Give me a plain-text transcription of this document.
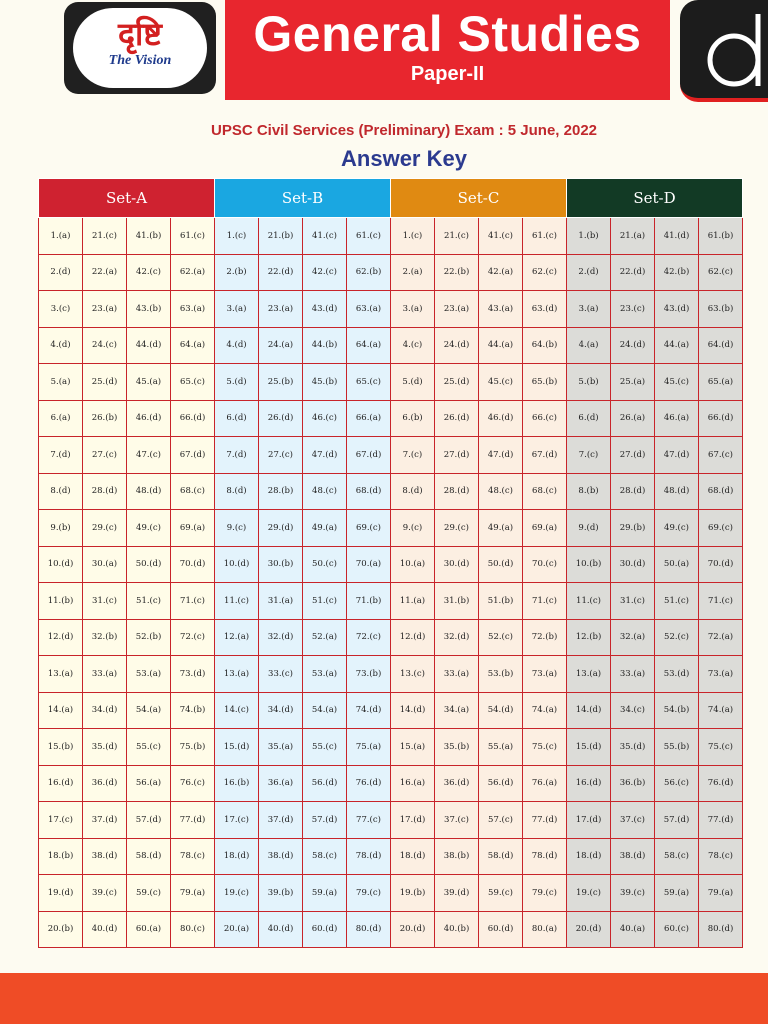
दृष्टि
The Vision	General Studies
Paper-II
UPSC Civil Services (Preliminary) Exam : 5 June, 2022
Answer Key
Set-A				Set-B				Set-C				Set-D			
1.(a)	21.(c)	41.(b)	61.(c)	1.(c)	21.(b)	41.(c)	61.(c)	1.(c)	21.(c)	41.(c)	61.(c)	1.(b)	21.(a)	41.(d)	61.(b)
2.(d)	22.(a)	42.(c)	62.(a)	2.(b)	22.(d)	42.(c)	62.(b)	2.(a)	22.(b)	42.(a)	62.(c)	2.(d)	22.(d)	42.(b)	62.(c)
3.(c)	23.(a)	43.(b)	63.(a)	3.(a)	23.(a)	43.(d)	63.(a)	3.(a)	23.(a)	43.(a)	63.(d)	3.(a)	23.(c)	43.(d)	63.(b)
4.(d)	24.(c)	44.(d)	64.(a)	4.(d)	24.(a)	44.(b)	64.(a)	4.(c)	24.(d)	44.(a)	64.(b)	4.(a)	24.(d)	44.(a)	64.(d)
5.(a)	25.(d)	45.(a)	65.(c)	5.(d)	25.(b)	45.(b)	65.(c)	5.(d)	25.(d)	45.(c)	65.(b)	5.(b)	25.(a)	45.(c)	65.(a)
6.(a)	26.(b)	46.(d)	66.(d)	6.(d)	26.(d)	46.(c)	66.(a)	6.(b)	26.(d)	46.(d)	66.(c)	6.(d)	26.(a)	46.(a)	66.(d)
7.(d)	27.(c)	47.(c)	67.(d)	7.(d)	27.(c)	47.(d)	67.(d)	7.(c)	27.(d)	47.(d)	67.(d)	7.(c)	27.(d)	47.(d)	67.(c)
8.(d)	28.(d)	48.(d)	68.(c)	8.(d)	28.(b)	48.(c)	68.(d)	8.(d)	28.(d)	48.(c)	68.(c)	8.(b)	28.(d)	48.(d)	68.(d)
9.(b)	29.(c)	49.(c)	69.(a)	9.(c)	29.(d)	49.(a)	69.(c)	9.(c)	29.(c)	49.(a)	69.(a)	9.(d)	29.(b)	49.(c)	69.(c)
10.(d)	30.(a)	50.(d)	70.(d)	10.(d)	30.(b)	50.(c)	70.(a)	10.(a)	30.(d)	50.(d)	70.(c)	10.(b)	30.(d)	50.(a)	70.(d)
11.(b)	31.(c)	51.(c)	71.(c)	11.(c)	31.(a)	51.(c)	71.(b)	11.(a)	31.(b)	51.(b)	71.(c)	11.(c)	31.(c)	51.(c)	71.(c)
12.(d)	32.(b)	52.(b)	72.(c)	12.(a)	32.(d)	52.(a)	72.(c)	12.(d)	32.(d)	52.(c)	72.(b)	12.(b)	32.(a)	52.(c)	72.(a)
13.(a)	33.(a)	53.(a)	73.(d)	13.(a)	33.(c)	53.(a)	73.(b)	13.(c)	33.(a)	53.(b)	73.(a)	13.(a)	33.(a)	53.(d)	73.(a)
14.(a)	34.(d)	54.(a)	74.(b)	14.(c)	34.(d)	54.(a)	74.(d)	14.(d)	34.(a)	54.(d)	74.(a)	14.(d)	34.(c)	54.(b)	74.(a)
15.(b)	35.(d)	55.(c)	75.(b)	15.(d)	35.(a)	55.(c)	75.(a)	15.(a)	35.(b)	55.(a)	75.(c)	15.(d)	35.(d)	55.(b)	75.(c)
16.(d)	36.(d)	56.(a)	76.(c)	16.(b)	36.(a)	56.(d)	76.(d)	16.(a)	36.(d)	56.(d)	76.(a)	16.(d)	36.(b)	56.(c)	76.(d)
17.(c)	37.(d)	57.(d)	77.(d)	17.(c)	37.(d)	57.(d)	77.(c)	17.(d)	37.(c)	57.(c)	77.(d)	17.(d)	37.(c)	57.(d)	77.(d)
18.(b)	38.(d)	58.(d)	78.(c)	18.(d)	38.(d)	58.(c)	78.(d)	18.(d)	38.(b)	58.(d)	78.(d)	18.(d)	38.(d)	58.(c)	78.(c)
19.(d)	39.(c)	59.(c)	79.(a)	19.(c)	39.(b)	59.(a)	79.(c)	19.(b)	39.(d)	59.(c)	79.(c)	19.(c)	39.(c)	59.(a)	79.(a)
20.(b)	40.(d)	60.(a)	80.(c)	20.(a)	40.(d)	60.(d)	80.(d)	20.(d)	40.(b)	60.(d)	80.(a)	20.(d)	40.(a)	60.(c)	80.(d)
